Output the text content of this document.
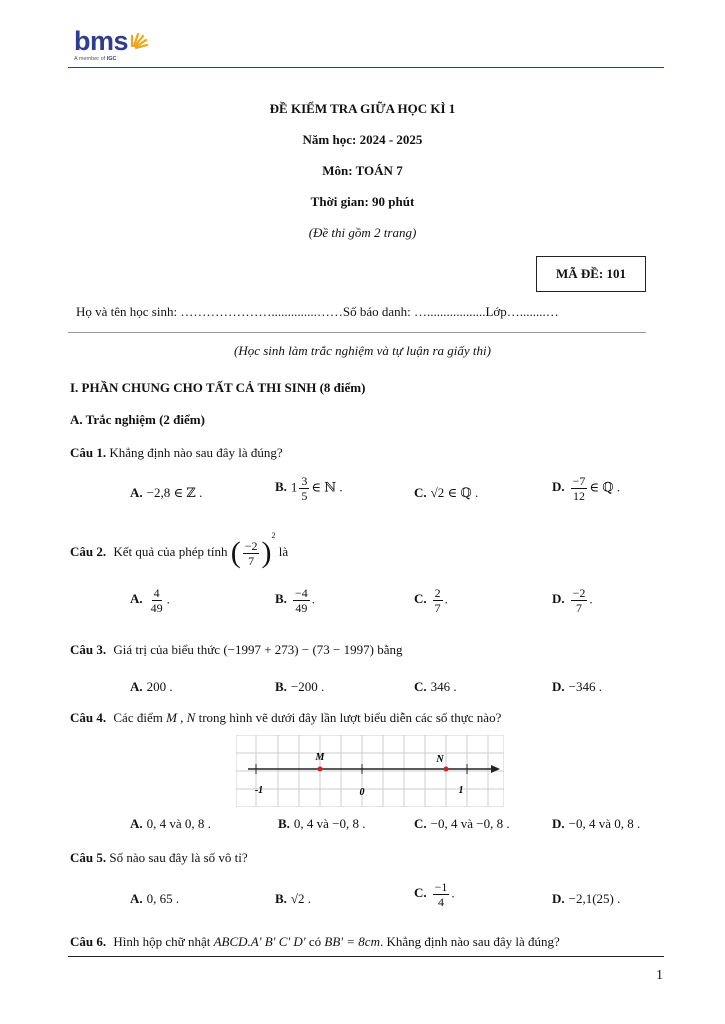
bms
A member of IGC
ĐỀ KIỂM TRA GIỮA HỌC KÌ 1
Năm học: 2024 - 2025
Môn: TOÁN 7
Thời gian: 90 phút
(Đề thi gồm 2 trang)
MÃ ĐỀ: 101
Họ và tên học sinh: …………………..............……Số báo danh: …..................Lớp…........…
(Học sinh làm trắc nghiệm và tự luận ra giấy thi)
I. PHẦN CHUNG CHO TẤT CẢ THI SINH (8 điểm)
A. Trắc nghiệm (2 điểm)
Câu 1. Khẳng định nào sau đây là đúng?
A. −2,8 ∈ ℤ .	B. $1 \frac{3}{5}$ ∈ ℕ .	C. √2 ∈ ℚ .	D. $\frac{-7}{12}$ ∈ ℚ .
Câu 2. Kết quả của phép tính ( $\frac{-2}{7} )^2$ là
A. $\frac{4}{49}$ .	B. $\frac{-4}{49}$ .	C. $\frac{2}{7}$ .	D. $\frac{-2}{7}$ .
Câu 3. Giá trị của biểu thức (−1997 + 273) − (73 − 1997) bằng
A. 200 .	B. −200 .	C. 346 .	D. −346 .
Câu 4. Các điểm M , N trong hình vẽ dưới đây lần lượt biểu diễn các số thực nào?
M	N
-1	0	1
A. 0, 4 và 0, 8 .	B. 0, 4 và −0, 8 .	C. −0, 4 và −0, 8 .	D. −0, 4 và 0, 8 .
Câu 5. Số nào sau đây là số vô tỉ?
A. 0, 65 .	B. √2 .	C. $\frac{-1}{4}$ .	D. −2,1(25) .
Câu 6. Hình hộp chữ nhật ABCD.A' B' C' D' có BB' = 8cm. Khẳng định nào sau đây là đúng?
1
